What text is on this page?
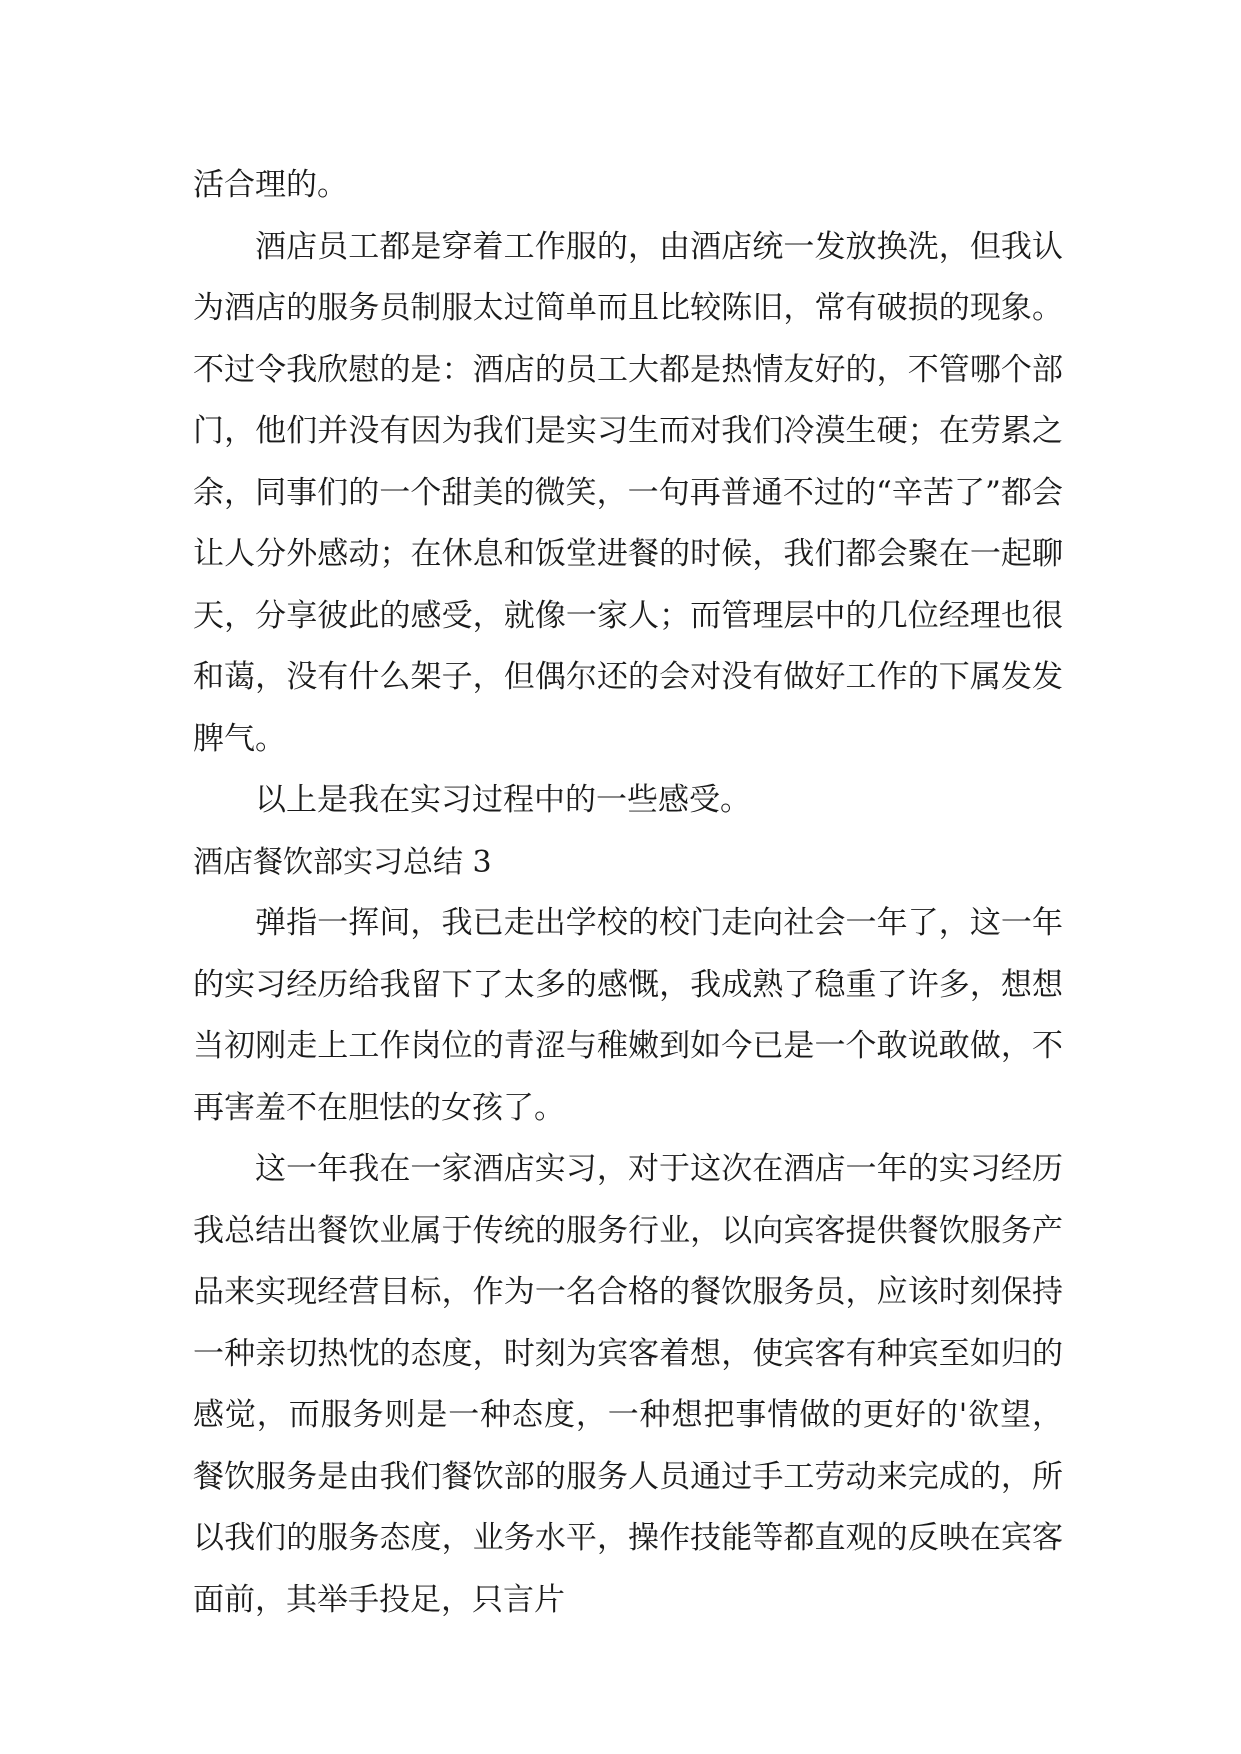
活合理的。

酒店员工都是穿着工作服的，由酒店统一发放换洗，但我认为酒店的服务员制服太过简单而且比较陈旧，常有破损的现象。不过令我欣慰的是：酒店的员工大都是热情友好的，不管哪个部门，他们并没有因为我们是实习生而对我们冷漠生硬；在劳累之余，同事们的一个甜美的微笑，一句再普通不过的“辛苦了”都会让人分外感动；在休息和饭堂进餐的时候，我们都会聚在一起聊天，分享彼此的感受，就像一家人；而管理层中的几位经理也很和蔼，没有什么架子，但偶尔还的会对没有做好工作的下属发发脾气。

以上是我在实习过程中的一些感受。

酒店餐饮部实习总结 3

弹指一挥间，我已走出学校的校门走向社会一年了，这一年的实习经历给我留下了太多的感慨，我成熟了稳重了许多，想想当初刚走上工作岗位的青涩与稚嫩到如今已是一个敢说敢做，不再害羞不在胆怯的女孩了。

这一年我在一家酒店实习，对于这次在酒店一年的实习经历我总结出餐饮业属于传统的服务行业，以向宾客提供餐饮服务产品来实现经营目标，作为一名合格的餐饮服务员，应该时刻保持一种亲切热忱的态度，时刻为宾客着想，使宾客有种宾至如归的感觉，而服务则是一种态度，一种想把事情做的更好的'欲望，餐饮服务是由我们餐饮部的服务人员通过手工劳动来完成的，所以我们的服务态度，业务水平，操作技能等都直观的反映在宾客面前，其举手投足，只言片
